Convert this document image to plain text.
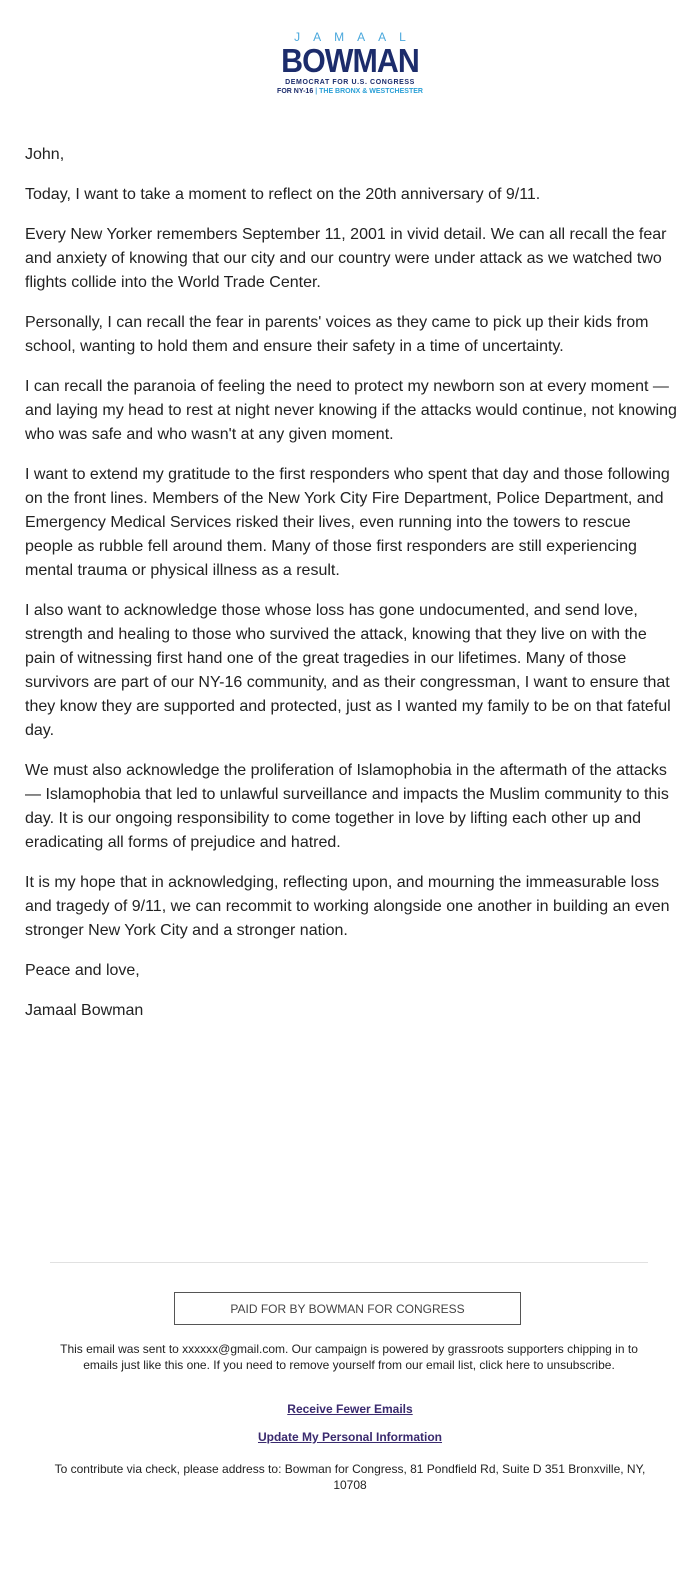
JAMAAL
BOWMAN
DEMOCRAT FOR U.S. CONGRESS
FOR NY-16 | THE BRONX & WESTCHESTER

John,

Today, I want to take a moment to reflect on the 20th anniversary of 9/11.

Every New Yorker remembers September 11, 2001 in vivid detail. We can all recall the fear and anxiety of knowing that our city and our country were under attack as we watched two flights collide into the World Trade Center.

Personally, I can recall the fear in parents' voices as they came to pick up their kids from school, wanting to hold them and ensure their safety in a time of uncertainty.

I can recall the paranoia of feeling the need to protect my newborn son at every moment — and laying my head to rest at night never knowing if the attacks would continue, not knowing who was safe and who wasn't at any given moment.

I want to extend my gratitude to the first responders who spent that day and those following on the front lines. Members of the New York City Fire Department, Police Department, and Emergency Medical Services risked their lives, even running into the towers to rescue people as rubble fell around them. Many of those first responders are still experiencing mental trauma or physical illness as a result.

I also want to acknowledge those whose loss has gone undocumented, and send love, strength and healing to those who survived the attack, knowing that they live on with the pain of witnessing first hand one of the great tragedies in our lifetimes. Many of those survivors are part of our NY-16 community, and as their congressman, I want to ensure that they know they are supported and protected, just as I wanted my family to be on that fateful day.

We must also acknowledge the proliferation of Islamophobia in the aftermath of the attacks — Islamophobia that led to unlawful surveillance and impacts the Muslim community to this day. It is our ongoing responsibility to come together in love by lifting each other up and eradicating all forms of prejudice and hatred.

It is my hope that in acknowledging, reflecting upon, and mourning the immeasurable loss and tragedy of 9/11, we can recommit to working alongside one another in building an even stronger New York City and a stronger nation.

Peace and love,

Jamaal Bowman

PAID FOR BY BOWMAN FOR CONGRESS
This email was sent to xxxxxx@gmail.com. Our campaign is powered by grassroots supporters chipping in to emails just like this one. If you need to remove yourself from our email list, click here to unsubscribe.
Receive Fewer Emails
Update My Personal Information
To contribute via check, please address to: Bowman for Congress, 81 Pondfield Rd, Suite D 351 Bronxville, NY, 10708
